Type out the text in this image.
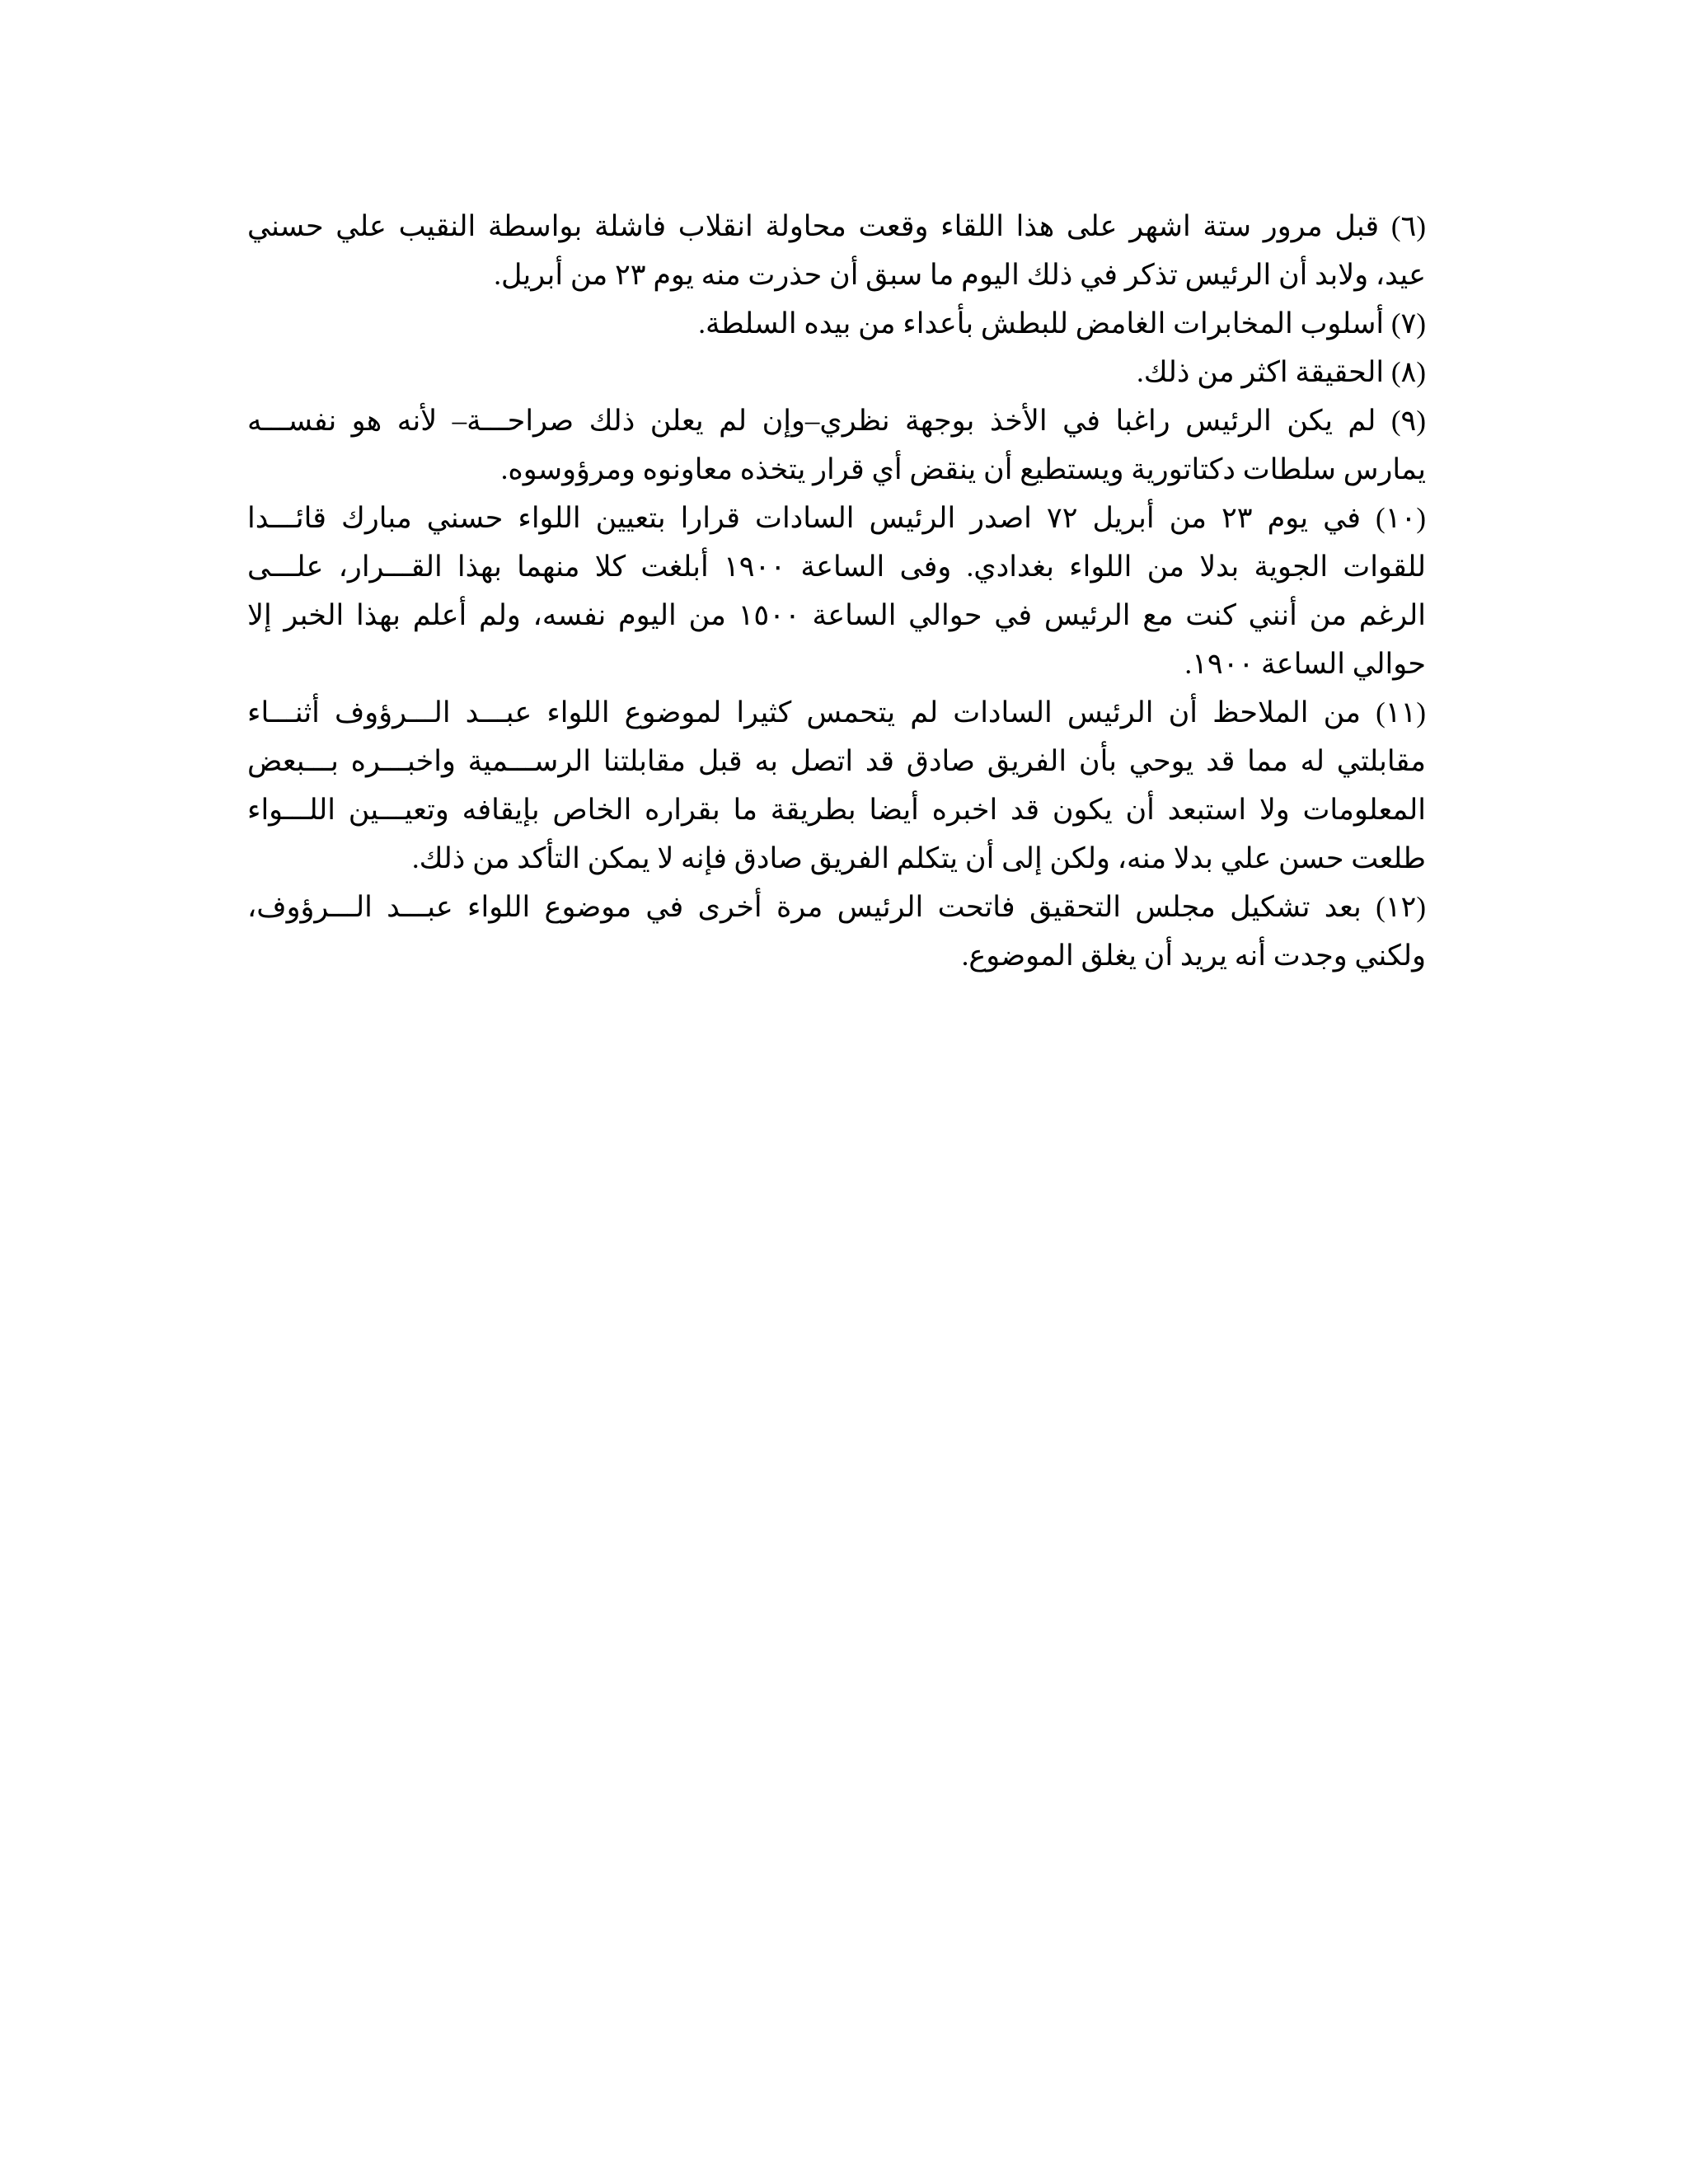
(٦) قبل مرور ستة اشهر على هذا اللقاء وقعت محاولة انقلاب فاشلة بواسطة النقيب علي حسني
عيد، ولابد أن الرئيس تذكر في ذلك اليوم ما سبق أن حذرت منه يوم ٢٣ من أبريل.
(٧) أسلوب المخابرات الغامض للبطش بأعداء من بيده السلطة.
(٨) الحقيقة اكثر من ذلك.
(٩) لم يكن الرئيس راغبا في الأخذ بوجهة نظري–وإن لم يعلن ذلك صراحـــة– لأنه هو نفســـه
يمارس سلطات دكتاتورية ويستطيع أن ينقض أي قرار يتخذه معاونوه ومرؤوسوه.
(١٠) في يوم ٢٣ من أبريل ٧٢ اصدر الرئيس السادات قرارا بتعيين اللواء حسني مبارك قائـــدا
للقوات الجوية بدلا من اللواء بغدادي. وفى الساعة ١٩٠٠ أبلغت كلا منهما بهذا القـــرار، علـــى
الرغم من أنني كنت مع الرئيس في حوالي الساعة ١٥٠٠ من اليوم نفسه، ولم أعلم بهذا الخبر إلا
حوالي الساعة ١٩٠٠.
(١١) من الملاحظ أن الرئيس السادات لم يتحمس كثيرا لموضوع اللواء عبـــد الـــرؤوف أثنـــاء
مقابلتي له مما قد يوحي بأن الفريق صادق قد اتصل به قبل مقابلتنا الرســـمية واخبـــره بـــبعض
المعلومات ولا استبعد أن يكون قد اخبره أيضا بطريقة ما بقراره الخاص بإيقافه وتعيـــين اللـــواء
طلعت حسن علي بدلا منه، ولكن إلى أن يتكلم الفريق صادق فإنه لا يمكن التأكد من ذلك.
(١٢) بعد تشكيل مجلس التحقيق فاتحت الرئيس مرة أخرى في موضوع اللواء عبـــد الـــرؤوف،
ولكني وجدت أنه يريد أن يغلق الموضوع.
